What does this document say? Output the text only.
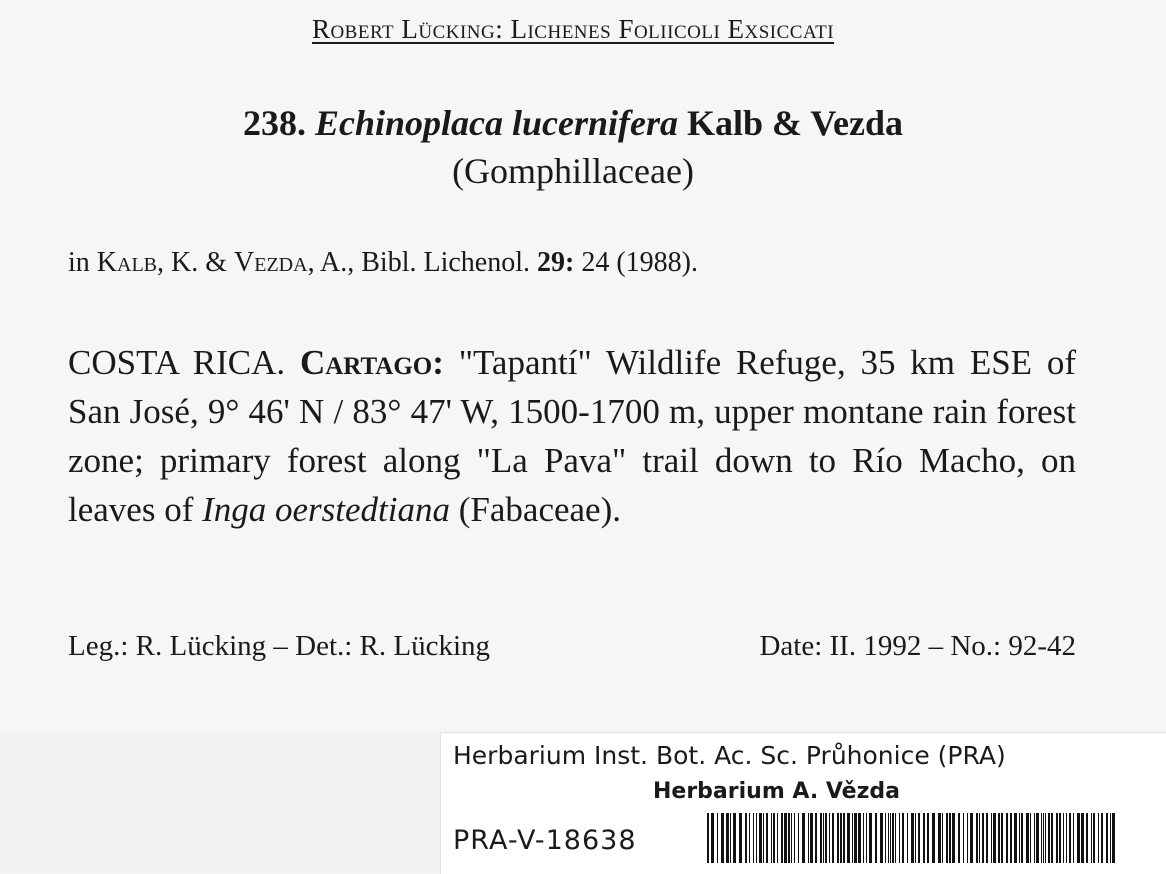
Robert Lücking: Lichenes Foliicoli Exsiccati
238. Echinoplaca lucernifera Kalb & Vezda
(Gomphillaceae)
in Kalb, K. & Vezda, A., Bibl. Lichenol. 29: 24 (1988).
COSTA RICA. Cartago: "Tapantí" Wildlife Refuge, 35 km ESE of San José, 9° 46' N / 83° 47' W, 1500-1700 m, upper montane rain forest zone; primary forest along "La Pava" trail down to Río Macho, on leaves of Inga oerstedtiana (Fabaceae).
Leg.: R. Lücking – Det.: R. Lücking	Date: II. 1992 – No.: 92-42
Herbarium Inst. Bot. Ac. Sc. Průhonice (PRA)
Herbarium A. Vězda
PRA-V-18638
